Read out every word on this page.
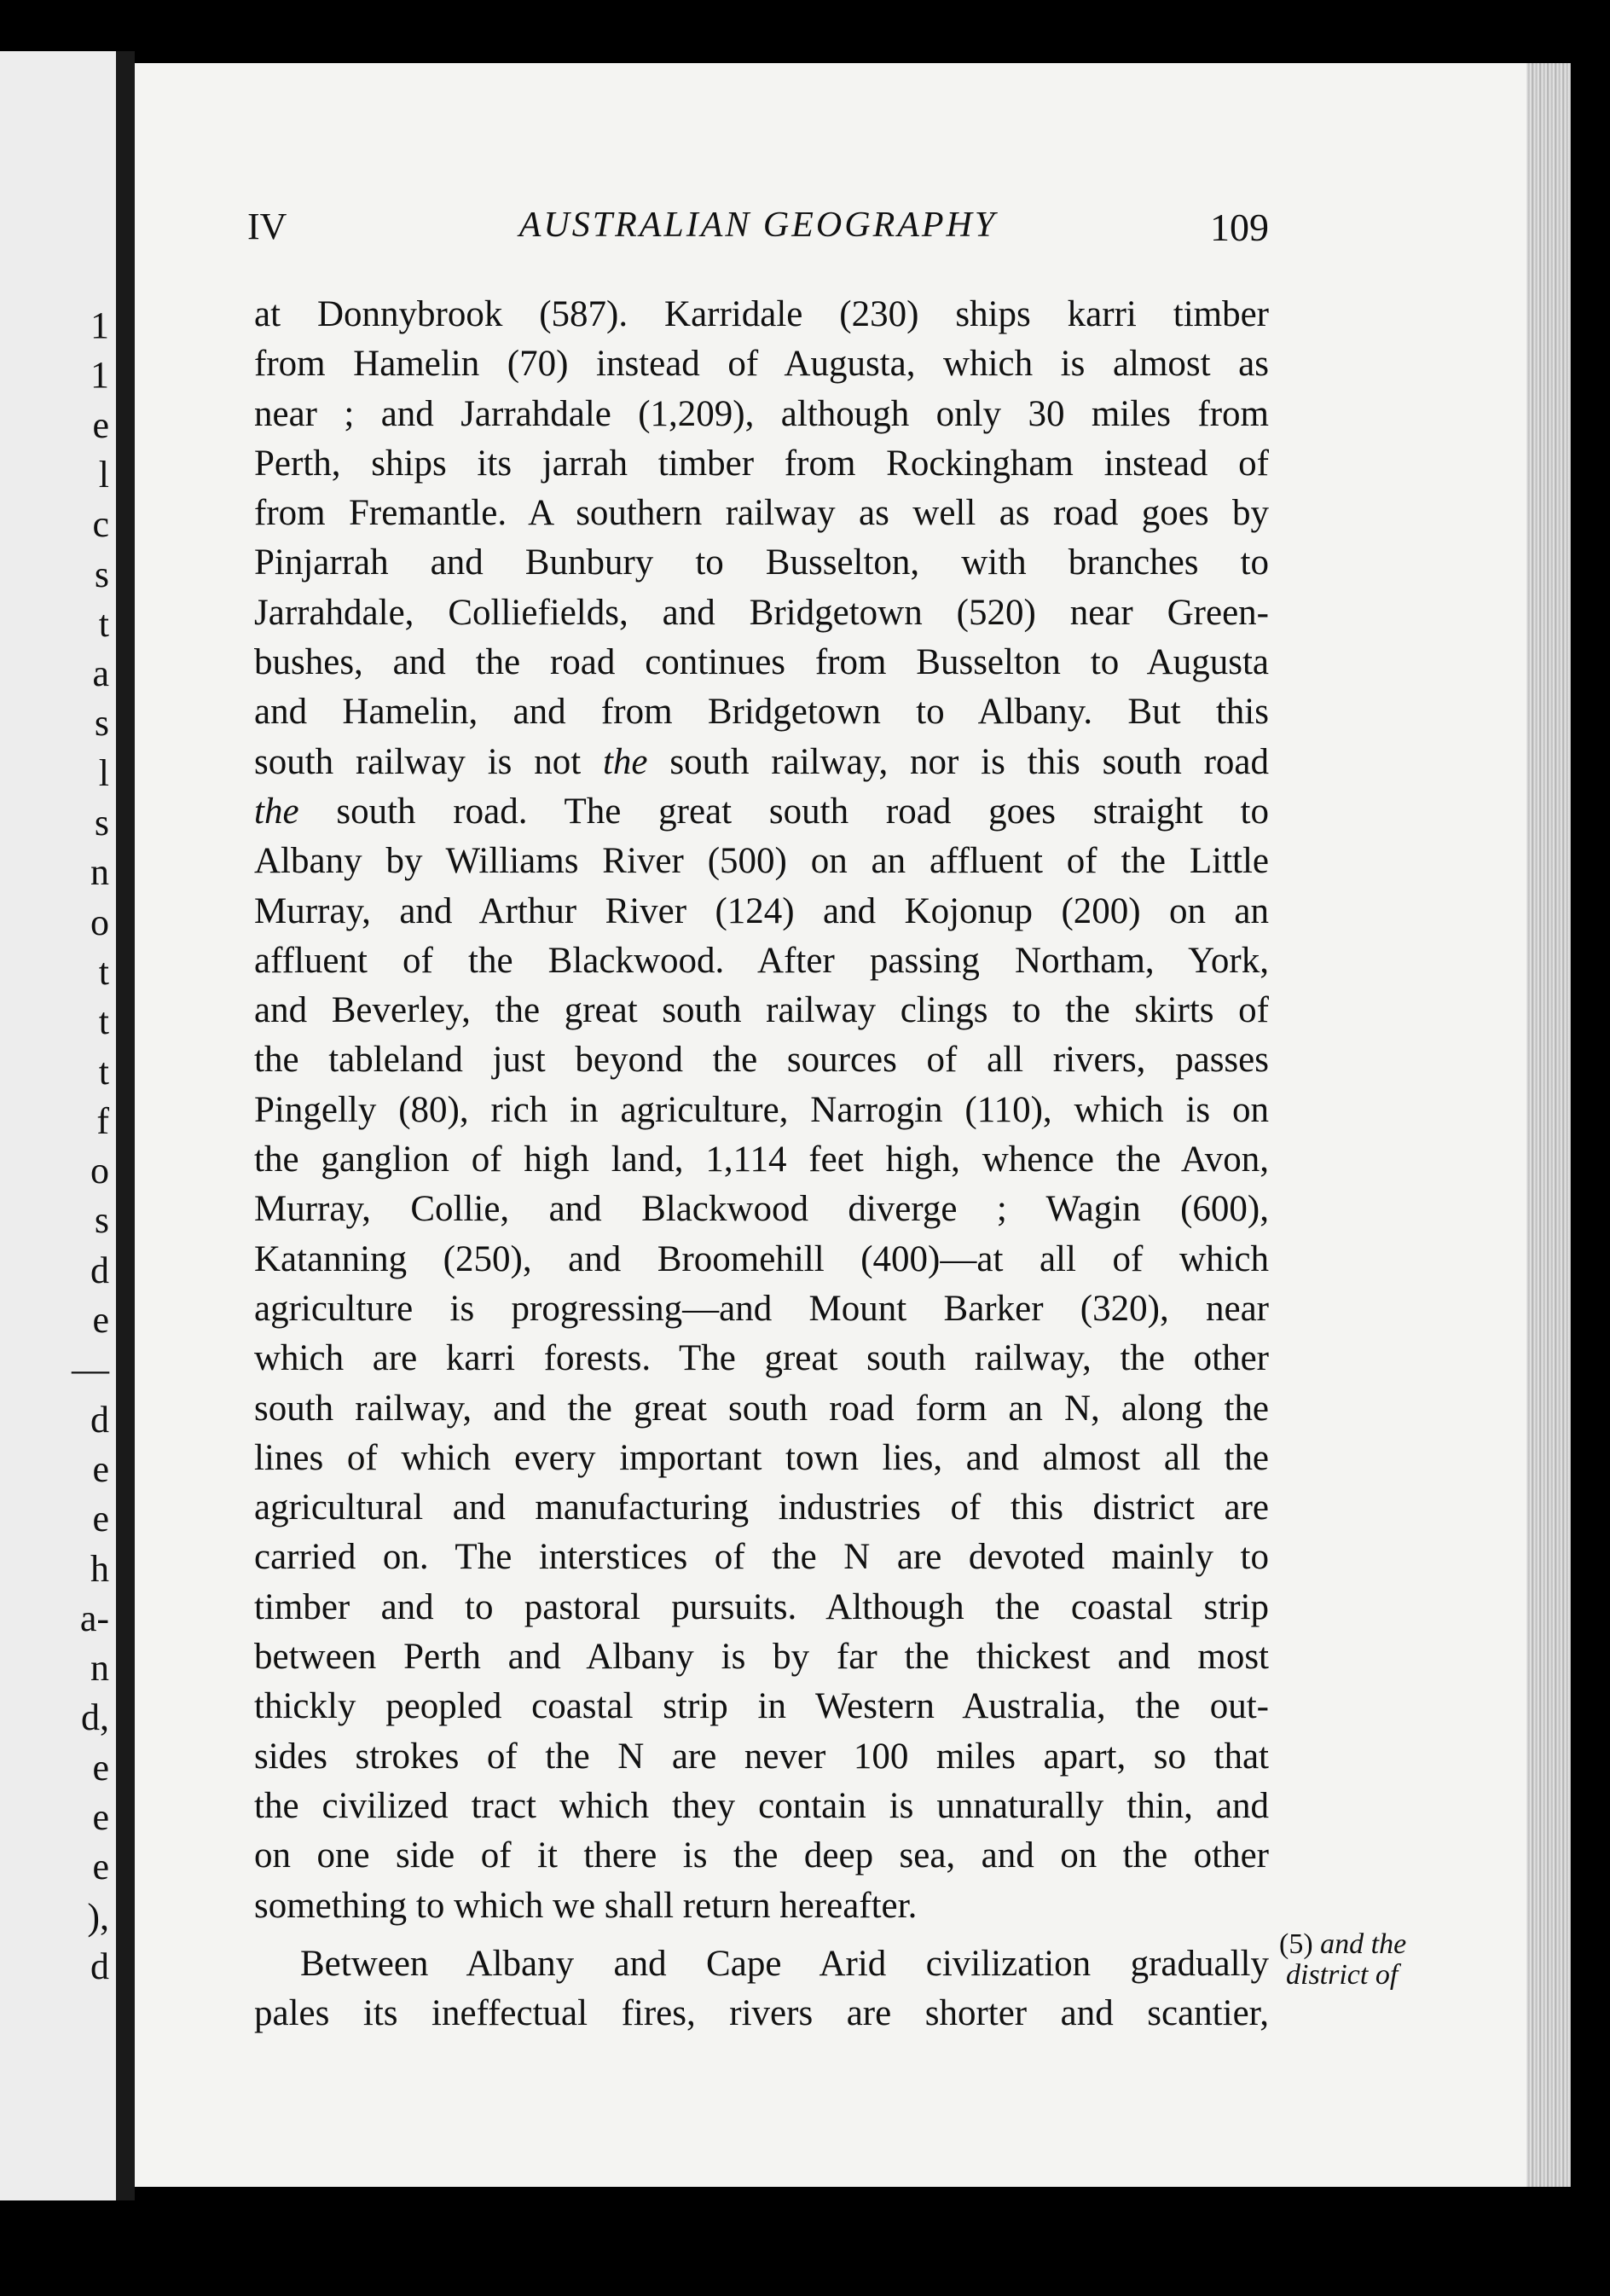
1
1
e
l
c
s
t
a
s
l
s
n
o
t
t
t
f
o
s
d
e
—
d
e
e
h
a-
n
d,
e
e
e
),
d
IV	AUSTRALIAN GEOGRAPHY	109
at Donnybrook (587). Karridale (230) ships karri timber
from Hamelin (70) instead of Augusta, which is almost as
near ; and Jarrahdale (1,209), although only 30 miles from
Perth, ships its jarrah timber from Rockingham instead of
from Fremantle. A southern railway as well as road goes by
Pinjarrah and Bunbury to Busselton, with branches to
Jarrahdale, Colliefields, and Bridgetown (520) near Green-
bushes, and the road continues from Busselton to Augusta
and Hamelin, and from Bridgetown to Albany. But this
south railway is not the south railway, nor is this south road
the south road. The great south road goes straight to
Albany by Williams River (500) on an affluent of the Little
Murray, and Arthur River (124) and Kojonup (200) on an
affluent of the Blackwood. After passing Northam, York,
and Beverley, the great south railway clings to the skirts of
the tableland just beyond the sources of all rivers, passes
Pingelly (80), rich in agriculture, Narrogin (110), which is on
the ganglion of high land, 1,114 feet high, whence the Avon,
Murray, Collie, and Blackwood diverge ; Wagin (600),
Katanning (250), and Broomehill (400)—at all of which
agriculture is progressing—and Mount Barker (320), near
which are karri forests. The great south railway, the other
south railway, and the great south road form an N, along the
lines of which every important town lies, and almost all the
agricultural and manufacturing industries of this district are
carried on. The interstices of the N are devoted mainly to
timber and to pastoral pursuits. Although the coastal strip
between Perth and Albany is by far the thickest and most
thickly peopled coastal strip in Western Australia, the out-
sides strokes of the N are never 100 miles apart, so that
the civilized tract which they contain is unnaturally thin, and
on one side of it there is the deep sea, and on the other
something to which we shall return hereafter.
Between Albany and Cape Arid civilization gradually
pales its ineffectual fires, rivers are shorter and scantier,
(5) and the
district of
